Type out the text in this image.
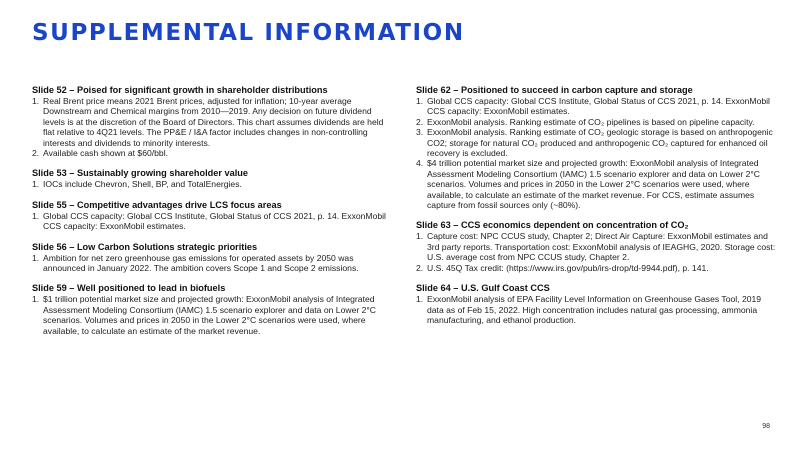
SUPPLEMENTAL INFORMATION
Slide 52 – Poised for significant growth in shareholder distributions
1. Real Brent price means 2021 Brent prices, adjusted for inflation; 10-year average Downstream and Chemical margins from 2010—2019. Any decision on future dividend levels is at the discretion of the Board of Directors. This chart assumes dividends are held flat relative to 4Q21 levels. The PP&E / I&A factor includes changes in non-controlling interests and dividends to minority interests.
2. Available cash shown at $60/bbl.
Slide 53 – Sustainably growing shareholder value
1. IOCs include Chevron, Shell, BP, and TotalEnergies.
Slide 55 – Competitive advantages drive LCS focus areas
1. Global CCS capacity: Global CCS Institute, Global Status of CCS 2021, p. 14. ExxonMobil CCS capacity: ExxonMobil estimates.
Slide 56 – Low Carbon Solutions strategic priorities
1. Ambition for net zero greenhouse gas emissions for operated assets by 2050 was announced in January 2022. The ambition covers Scope 1 and Scope 2 emissions.
Slide 59 – Well positioned to lead in biofuels
1. $1 trillion potential market size and projected growth: ExxonMobil analysis of Integrated Assessment Modeling Consortium (IAMC) 1.5 scenario explorer and data on Lower 2°C scenarios. Volumes and prices in 2050 in the Lower 2°C scenarios were used, where available, to calculate an estimate of the market revenue.
Slide 62 – Positioned to succeed in carbon capture and storage
1. Global CCS capacity: Global CCS Institute, Global Status of CCS 2021, p. 14. ExxonMobil CCS capacity: ExxonMobil estimates.
2. ExxonMobil analysis. Ranking estimate of CO₂ pipelines is based on pipeline capacity.
3. ExxonMobil analysis. Ranking estimate of CO₂ geologic storage is based on anthropogenic CO2; storage for natural CO₂ produced and anthropogenic CO₂ captured for enhanced oil recovery is excluded.
4. $4 trillion potential market size and projected growth: ExxonMobil analysis of Integrated Assessment Modeling Consortium (IAMC) 1.5 scenario explorer and data on Lower 2°C scenarios. Volumes and prices in 2050 in the Lower 2°C scenarios were used, where available, to calculate an estimate of the market revenue. For CCS, estimate assumes capture from fossil sources only (~80%).
Slide 63 – CCS economics dependent on concentration of CO₂
1. Capture cost: NPC CCUS study, Chapter 2; Direct Air Capture: ExxonMobil estimates and 3rd party reports. Transportation cost: ExxonMobil analysis of IEAGHG, 2020. Storage cost: U.S. average cost from NPC CCUS study, Chapter 2.
2. U.S. 45Q Tax credit: (https://www.irs.gov/pub/irs-drop/td-9944.pdf), p. 141.
Slide 64 – U.S. Gulf Coast CCS
1. ExxonMobil analysis of EPA Facility Level Information on Greenhouse Gases Tool, 2019 data as of Feb 15, 2022. High concentration includes natural gas processing, ammonia manufacturing, and ethanol production.
98
